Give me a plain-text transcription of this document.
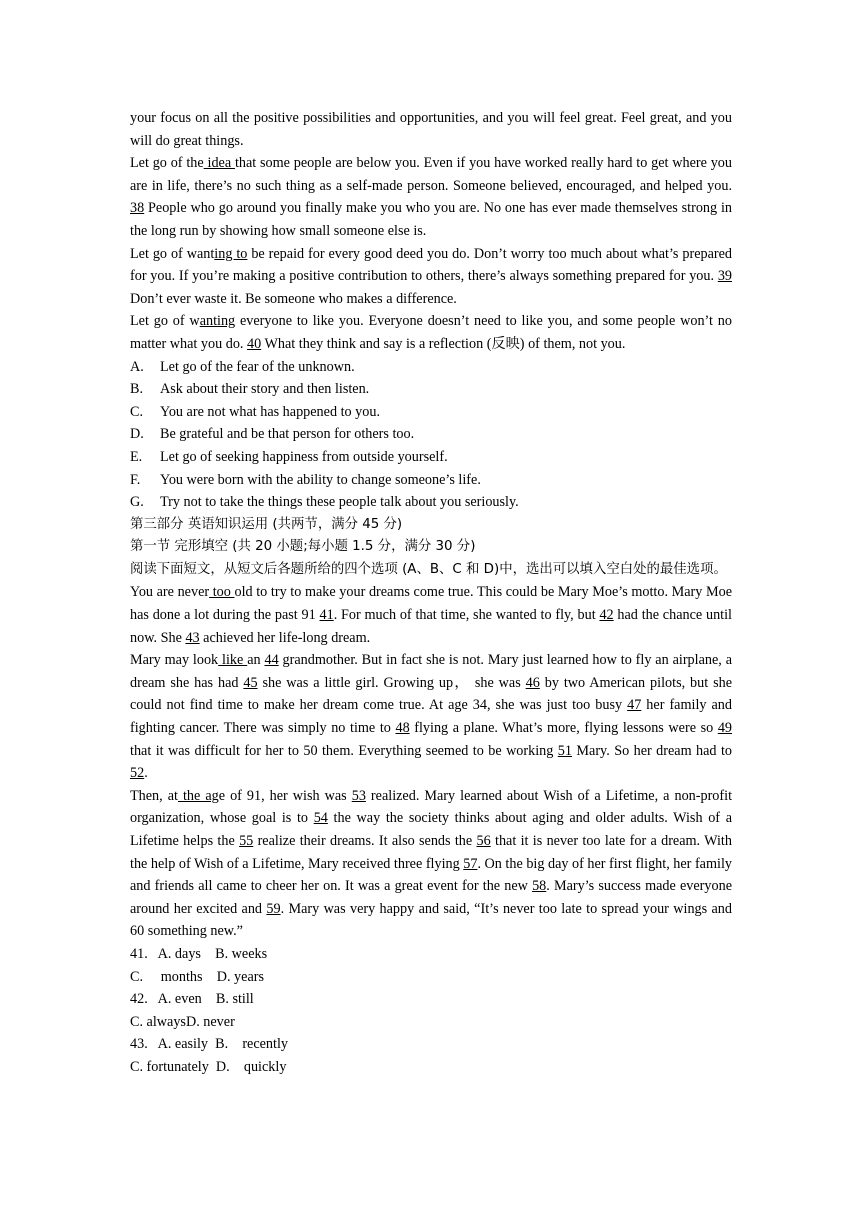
your focus on all the positive possibilities and opportunities, and you will feel great. Feel great, and you will do great things.

Let go of the idea that some people are below you. Even if you have worked really hard to get where you are in life, there’s no such thing as a self-made person. Someone believed, encouraged, and helped you. 38 People who go around you finally make you who you are. No one has ever made themselves strong in the long run by showing how small someone else is.

Let go of wanting to be repaid for every good deed you do. Don’t worry too much about what’s prepared for you. If you’re making a positive contribution to others, there’s always something prepared for you. 39 Don’t ever waste it. Be someone who makes a difference.

Let go of wanting everyone to like you. Everyone doesn’t need to like you, and some people won’t no matter what you do. 40 What they think and say is a reflection (反映) of them, not you.

A. Let go of the fear of the unknown.

B. Ask about their story and then listen.

C. You are not what has happened to you.

D. Be grateful and be that person for others too.

E. Let go of seeking happiness from outside yourself.

F. You were born with the ability to change someone’s life.

G. Try not to take the things these people talk about you seriously.

第三部分 英语知识运用 (共两节，满分 45 分)

第一节 完形填空 (共 20 小题;每小题 1.5 分，满分 30 分)

阅读下面短文，从短文后各题所给的四个选项 (A、B、C 和 D)中，选出可以填入空白处的最佳选项。

You are never too old to try to make your dreams come true. This could be Mary Moe’s motto. Mary Moe has done a lot during the past 91 41. For much of that time, she wanted to fly, but 42 had the chance until now. She 43 achieved her life-long dream.

Mary may look like an 44 grandmother. But in fact she is not. Mary just learned how to fly an airplane, a dream she has had 45 she was a little girl. Growing up， she was 46 by two American pilots, but she could not find time to make her dream come true. At age 34, she was just too busy 47 her family and fighting cancer. There was simply no time to 48 flying a plane. What’s more, flying lessons were so 49 that it was difficult for her to 50 them. Everything seemed to be working 51 Mary. So her dream had to 52.

Then, at the age of 91, her wish was 53 realized. Mary learned about Wish of a Lifetime, a non-profit organization, whose goal is to 54 the way the society thinks about aging and older adults. Wish of a Lifetime helps the 55 realize their dreams. It also sends the 56 that it is never too late for a dream. With the help of Wish of a Lifetime, Mary received three flying 57. On the big day of her first flight, her family and friends all came to cheer her on. It was a great event for the new 58. Mary’s success made everyone around her excited and 59. Mary was very happy and said, “It’s never too late to spread your wings and 60 something new.”

41.   A. days    B. weeks

C.     months    D. years

42.   A. even    B. still

C. alwaysD. never

43.   A. easily  B.    recently

C. fortunately  D.    quickly
